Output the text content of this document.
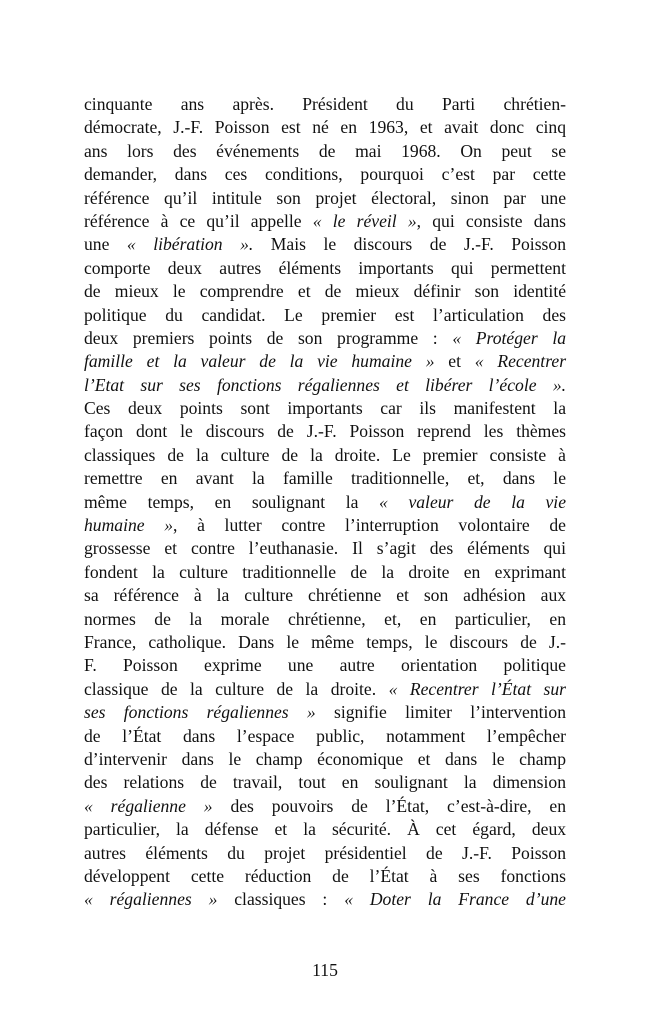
cinquante ans après. Président du Parti chrétien-
démocrate, J.-F. Poisson est né en 1963, et avait donc cinq
ans lors des événements de mai 1968. On peut se
demander, dans ces conditions, pourquoi c’est par cette
référence qu’il intitule son projet électoral, sinon par une
référence à ce qu’il appelle « le réveil », qui consiste dans
une « libération ». Mais le discours de J.-F. Poisson
comporte deux autres éléments importants qui permettent
de mieux le comprendre et de mieux définir son identité
politique du candidat. Le premier est l’articulation des
deux premiers points de son programme : « Protéger la
famille et la valeur de la vie humaine » et « Recentrer
l’Etat sur ses fonctions régaliennes et libérer l’école ».
Ces deux points sont importants car ils manifestent la
façon dont le discours de J.-F. Poisson reprend les thèmes
classiques de la culture de la droite. Le premier consiste à
remettre en avant la famille traditionnelle, et, dans le
même temps, en soulignant la « valeur de la vie
humaine », à lutter contre l’interruption volontaire de
grossesse et contre l’euthanasie. Il s’agit des éléments qui
fondent la culture traditionnelle de la droite en exprimant
sa référence à la culture chrétienne et son adhésion aux
normes de la morale chrétienne, et, en particulier, en
France, catholique. Dans le même temps, le discours de J.-
F. Poisson exprime une autre orientation politique
classique de la culture de la droite. « Recentrer l’État sur
ses fonctions régaliennes » signifie limiter l’intervention
de l’État dans l’espace public, notamment l’empêcher
d’intervenir dans le champ économique et dans le champ
des relations de travail, tout en soulignant la dimension
« régalienne » des pouvoirs de l’État, c’est-à-dire, en
particulier, la défense et la sécurité. À cet égard, deux
autres éléments du projet présidentiel de J.-F. Poisson
développent cette réduction de l’État à ses fonctions
« régaliennes » classiques : « Doter la France d’une
115
